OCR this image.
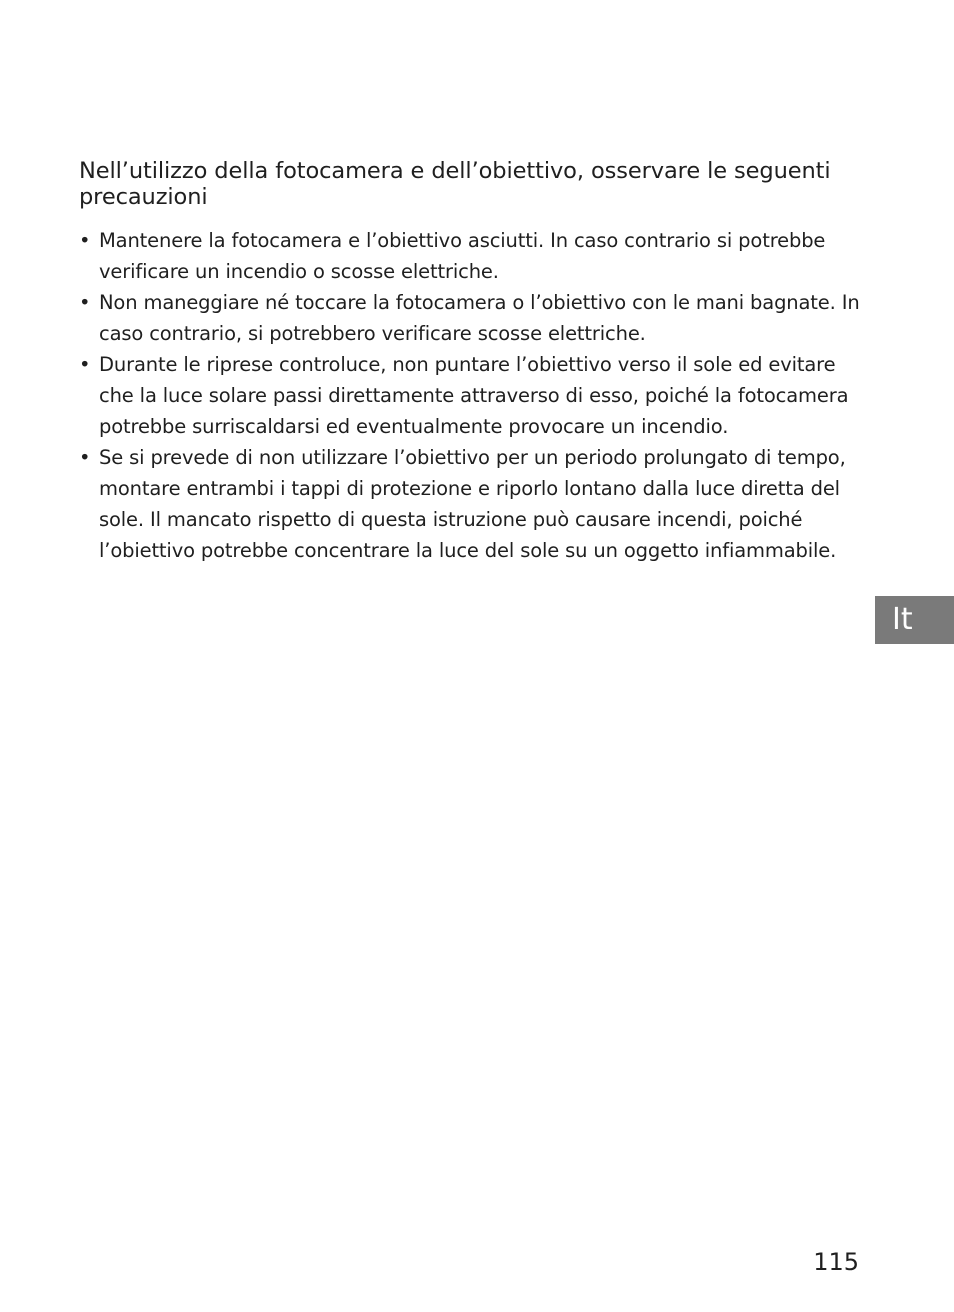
Nell’utilizzo della fotocamera e dell’obiettivo, osservare le seguenti precauzioni
• Mantenere la fotocamera e l’obiettivo asciutti. In caso contrario si potrebbe verificare un incendio o scosse elettriche.
• Non maneggiare né toccare la fotocamera o l’obiettivo con le mani bagnate. In caso contrario, si potrebbero verificare scosse elettriche.
• Durante le riprese controluce, non puntare l’obiettivo verso il sole ed evitare che la luce solare passi direttamente attraverso di esso, poiché la fotocamera potrebbe surriscaldarsi ed eventualmente provocare un incendio.
• Se si prevede di non utilizzare l’obiettivo per un periodo prolungato di tempo, montare entrambi i tappi di protezione e riporlo lontano dalla luce diretta del sole. Il mancato rispetto di questa istruzione può causare incendi, poiché l’obiettivo potrebbe concentrare la luce del sole su un oggetto infiammabile.
It
115
